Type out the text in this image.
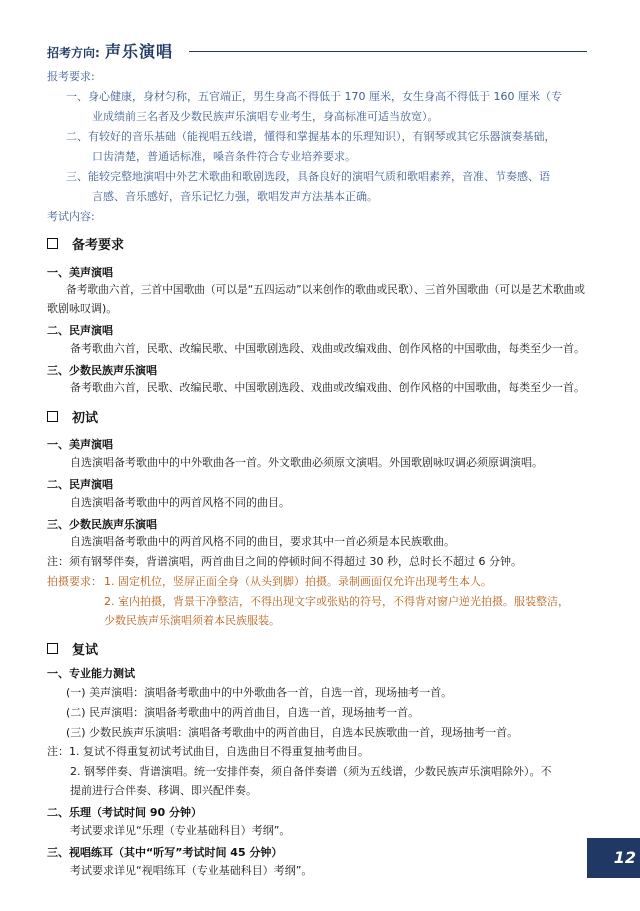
招考方向: 声乐演唱
报考要求:
一、身心健康，身材匀称，五官端正，男生身高不得低于 170 厘米，女生身高不得低于 160 厘米（专
业成绩前三名者及少数民族声乐演唱专业考生，身高标准可适当放宽）。
二、有较好的音乐基础（能视唱五线谱，懂得和掌握基本的乐理知识），有钢琴或其它乐器演奏基础，
口齿清楚，普通话标准，嗓音条件符合专业培养要求。
三、能较完整地演唱中外艺术歌曲和歌剧选段，具备良好的演唱气质和歌唱素养，音准、节奏感、语
言感、音乐感好，音乐记忆力强，歌唱发声方法基本正确。
考试内容:
备考要求
一、美声演唱
备考歌曲六首，三首中国歌曲（可以是“五四运动”以来创作的歌曲或民歌）、三首外国歌曲（可以是艺术歌曲或
歌剧咏叹调)。
二、民声演唱
备考歌曲六首，民歌、改编民歌、中国歌剧选段、戏曲或改编戏曲、创作风格的中国歌曲，每类至少一首。
三、少数民族声乐演唱
备考歌曲六首，民歌、改编民歌、中国歌剧选段、戏曲或改编戏曲、创作风格的中国歌曲，每类至少一首。
初试
一、美声演唱
自选演唱备考歌曲中的中外歌曲各一首。外文歌曲必须原文演唱。外国歌剧咏叹调必须原调演唱。
二、民声演唱
自选演唱备考歌曲中的两首风格不同的曲目。
三、少数民族声乐演唱
自选演唱备考歌曲中的两首风格不同的曲目，要求其中一首必须是本民族歌曲。
注：须有钢琴伴奏，背谱演唱，两首曲目之间的停顿时间不得超过 30 秒，总时长不超过 6 分钟。
拍摄要求： 1. 固定机位，竖屏正面全身（从头到脚）拍摄。录制画面仅允许出现考生本人。
2. 室内拍摄，背景干净整洁，不得出现文字或张贴的符号，不得背对窗户逆光拍摄。服装整洁，
少数民族声乐演唱须着本民族服装。
复试
一、专业能力测试
(一) 美声演唱：演唱备考歌曲中的中外歌曲各一首，自选一首，现场抽考一首。
(二) 民声演唱：演唱备考歌曲中的两首曲目，自选一首，现场抽考一首。
(三) 少数民族声乐演唱：演唱备考歌曲中的两首曲目，自选本民族歌曲一首，现场抽考一首。
注：1. 复试不得重复初试考试曲目，自选曲目不得重复抽考曲目。
2. 钢琴伴奏、背谱演唱。统一安排伴奏，须自备伴奏谱（须为五线谱，少数民族声乐演唱除外）。不
提前进行合伴奏、移调、即兴配伴奏。
二、乐理（考试时间 90 分钟）
考试要求详见“乐理（专业基础科目）考纲”。
三、视唱练耳（其中“听写”考试时间 45 分钟）
考试要求详见“视唱练耳（专业基础科目）考纲”。
12
